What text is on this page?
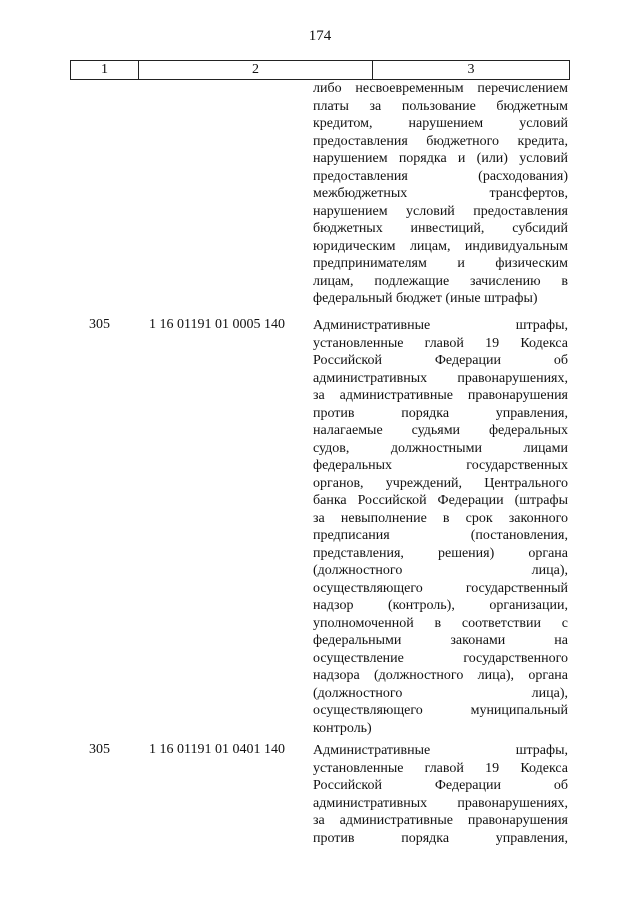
174
1	2	3
либо несвоевременным перечислением
платы за пользование бюджетным
кредитом, нарушением условий
предоставления бюджетного кредита,
нарушением порядка и (или) условий
предоставления (расходования)
межбюджетных трансфертов,
нарушением условий предоставления
бюджетных инвестиций, субсидий
юридическим лицам, индивидуальным
предпринимателям и физическим
лицам, подлежащие зачислению в
федеральный бюджет (иные штрафы)
305	1 16 01191 01 0005 140	Административные штрафы,
установленные главой 19 Кодекса
Российской Федерации об
административных правонарушениях,
за административные правонарушения
против порядка управления,
налагаемые судьями федеральных
судов, должностными лицами
федеральных государственных
органов, учреждений, Центрального
банка Российской Федерации (штрафы
за невыполнение в срок законного
предписания (постановления,
представления, решения) органа
(должностного лица),
осуществляющего государственный
надзор (контроль), организации,
уполномоченной в соответствии с
федеральными законами на
осуществление государственного
надзора (должностного лица), органа
(должностного лица),
осуществляющего муниципальный
контроль)
305	1 16 01191 01 0401 140	Административные штрафы,
установленные главой 19 Кодекса
Российской Федерации об
административных правонарушениях,
за административные правонарушения
против порядка управления,
